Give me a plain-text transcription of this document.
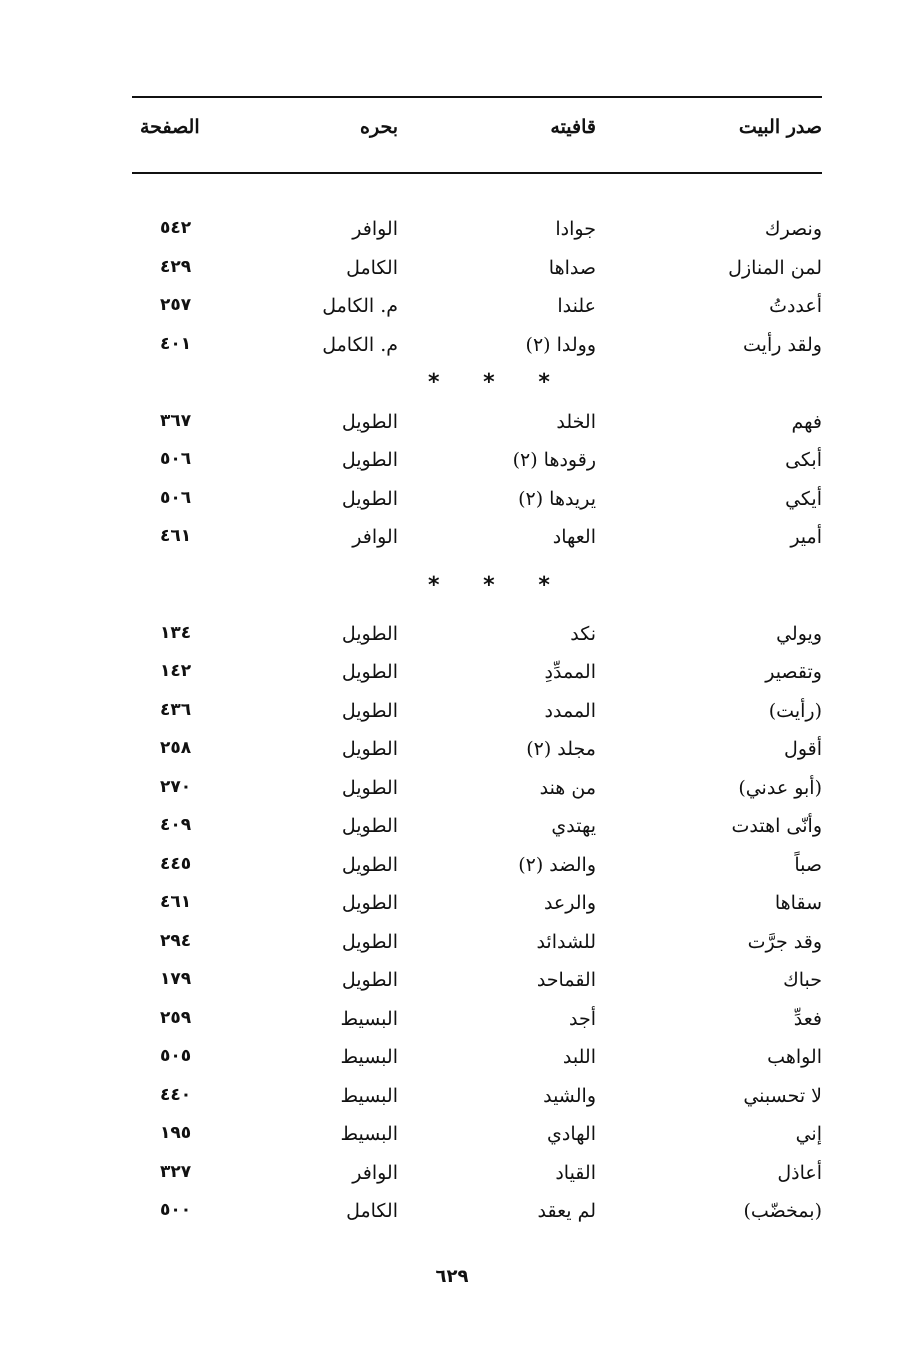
صدر البيت
قافيته
بحره
الصفحة
ونصرك
جوادا
الوافر
٥٤٢
لمن المنازل
صداها
الكامل
٤٢٩
أعددتُ
علندا
م. الكامل
٢٥٧
ولقد رأيت
وولدا (٢)
م. الكامل
٤٠١
* * *
فهم
الخلد
الطويل
٣٦٧
أبكى
رقودها (٢)
الطويل
٥٠٦
أيكي
يريدها (٢)
الطويل
٥٠٦
أمير
العهاد
الوافر
٤٦١
* * *
ويولي
نكد
الطويل
١٣٤
وتقصير
الممدِّدِ
الطويل
١٤٢
(رأيت)
الممدد
الطويل
٤٣٦
أقول
مجلد (٢)
الطويل
٢٥٨
(أبو عدني)
من هند
الطويل
٢٧٠
وأنّى اهتدت
يهتدي
الطويل
٤٠٩
صباً
والضد (٢)
الطويل
٤٤٥
سقاها
والرعد
الطويل
٤٦١
وقد جرَّت
للشدائد
الطويل
٢٩٤
حباك
القماحد
الطويل
١٧٩
فعدِّ
أجد
البسيط
٢٥٩
الواهب
اللبد
البسيط
٥٠٥
لا تحسبني
والشيد
البسيط
٤٤٠
إني
الهادي
البسيط
١٩٥
أعاذل
القياد
الوافر
٣٢٧
(بمخضّب)
لم يعقد
الكامل
٥٠٠
٦٢٩
